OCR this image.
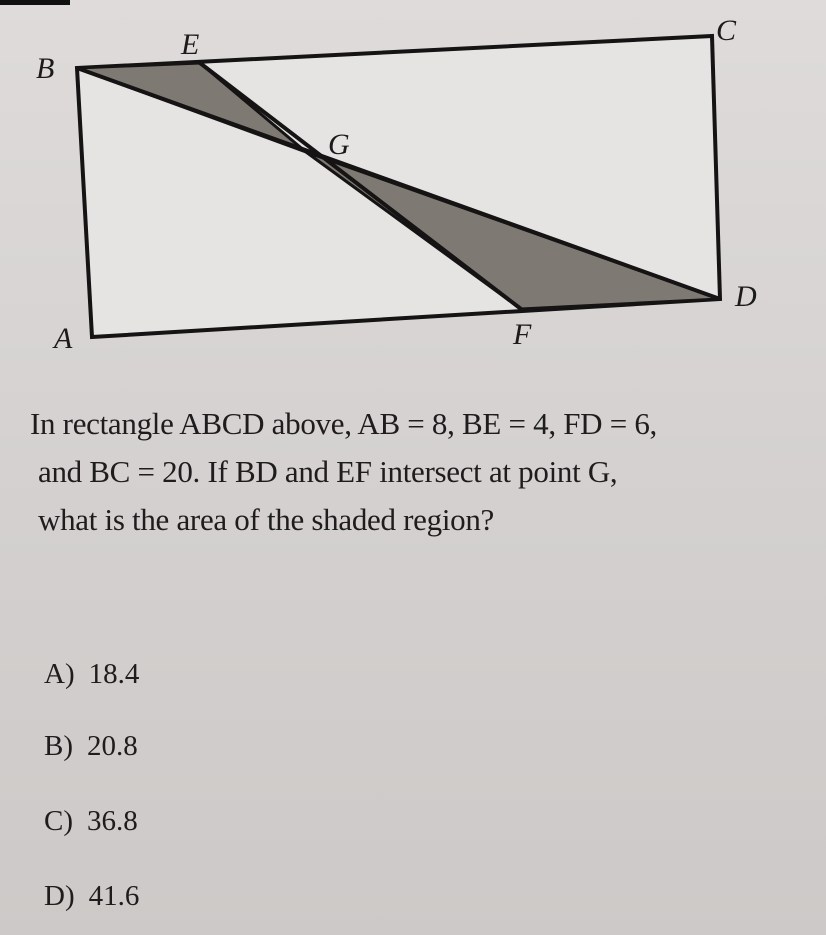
B
E	C
G
D
A	F

In rectangle ABCD above, AB = 8, BE = 4, FD = 6,

and BC = 20. If BD and EF intersect at point G,

what is the area of the shaded region?

A) 18.4
B) 20.8
C) 36.8
D) 41.6
